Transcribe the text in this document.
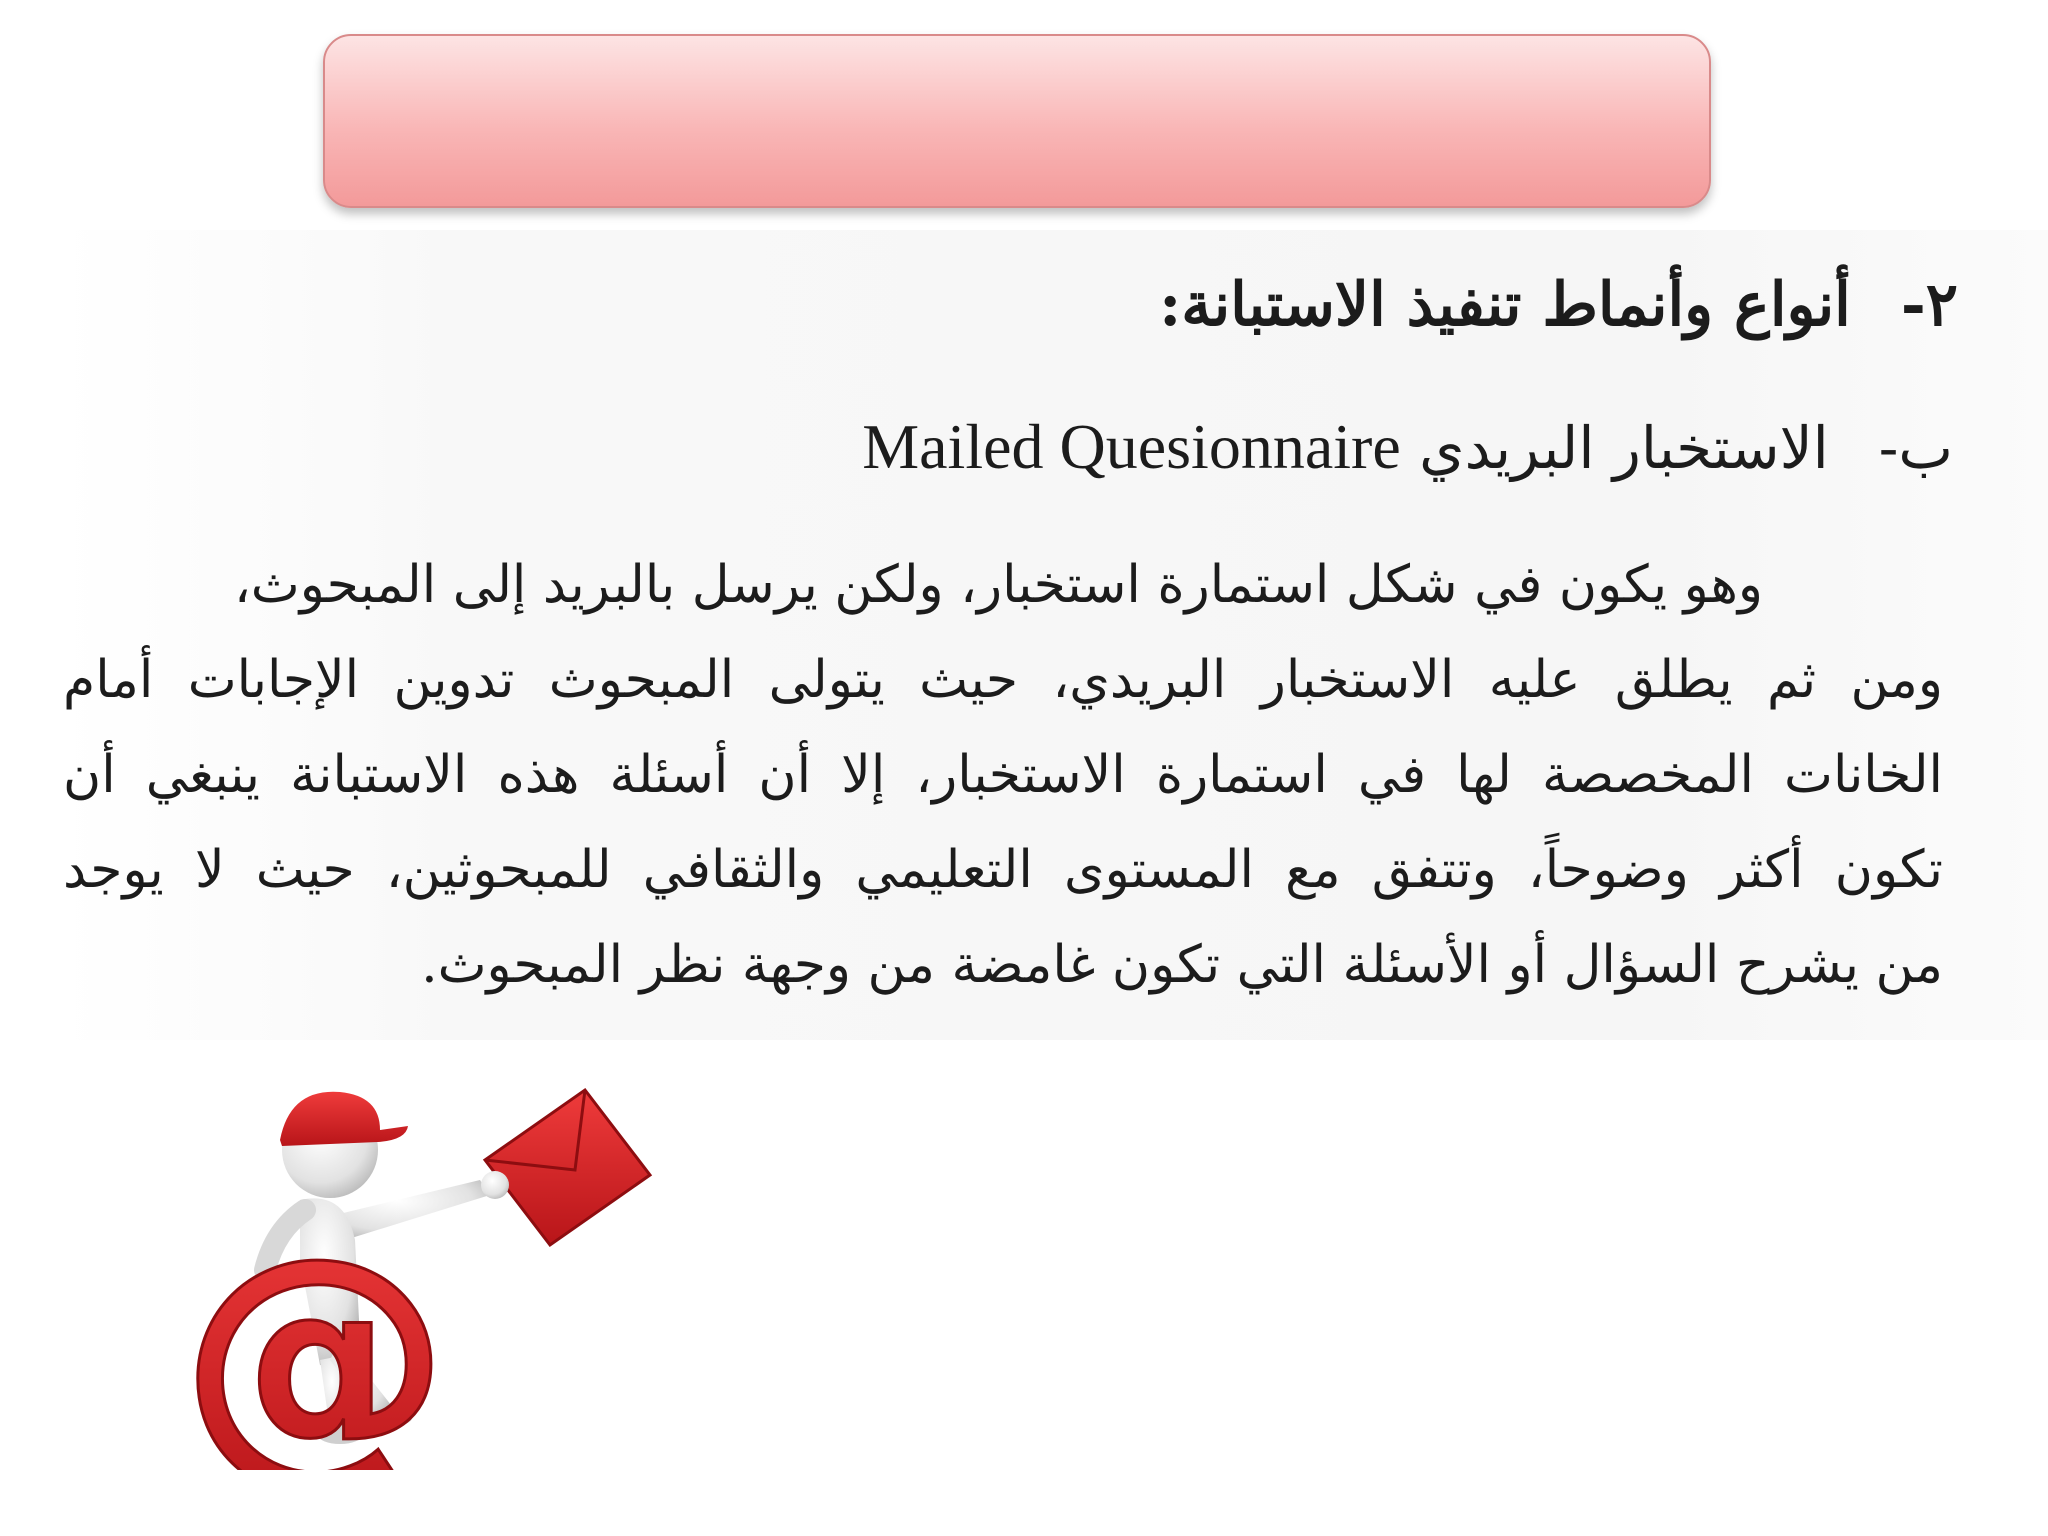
٢-أنواع وأنماط تنفيذ الاستبانة:
ب-الاستخبار البريدي Mailed Quesionnaire
وهو يكون في شكل استمارة استخبار، ولكن يرسل بالبريد إلى المبحوث،
ومن ثم يطلق عليه الاستخبار البريدي، حيث يتولى المبحوث تدوين الإجابات أمام
الخانات المخصصة لها في استمارة الاستخبار، إلا أن أسئلة هذه الاستبانة ينبغي أن
تكون أكثر وضوحاً، وتتفق مع المستوى التعليمي والثقافي للمبحوثين، حيث لا يوجد
من يشرح السؤال أو الأسئلة التي تكون غامضة من وجهة نظر المبحوث.
@
